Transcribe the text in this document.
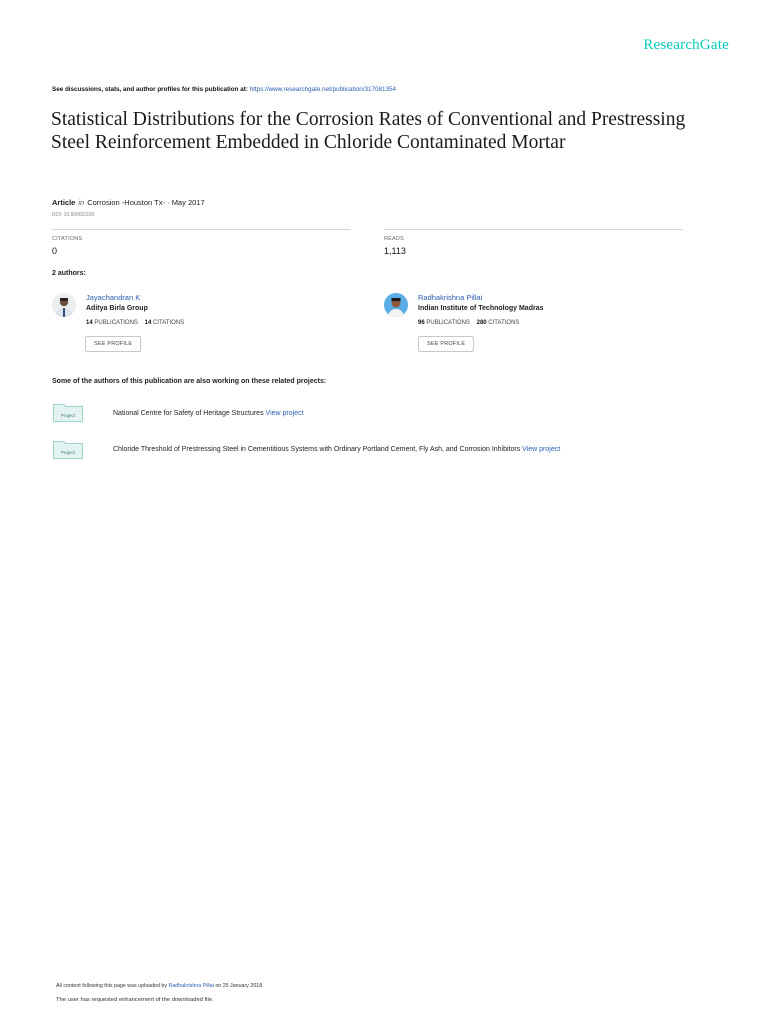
ResearchGate
See discussions, stats, and author profiles for this publication at: https://www.researchgate.net/publication/317081354
Statistical Distributions for the Corrosion Rates of Conventional and Prestressing Steel Reinforcement Embedded in Chloride Contaminated Mortar
Article in Corrosion -Houston Tx- · May 2017
DOI: 10.5006/2330
CITATIONS
0
READS
1,113
2 authors:
Jayachandran K
Aditya Birla Group
14 PUBLICATIONS 14 CITATIONS
SEE PROFILE
Radhakrishna Pillai
Indian Institute of Technology Madras
96 PUBLICATIONS 280 CITATIONS
SEE PROFILE
Some of the authors of this publication are also working on these related projects:
Project	National Centre for Safety of Heritage Structures View project
Project	Chloride Threshold of Prestressing Steel in Cementitious Systems with Ordinary Portland Cement, Fly Ash, and Corrosion Inhibitors View project
All content following this page was uploaded by Radhakrishna Pillai on 25 January 2018.
The user has requested enhancement of the downloaded file.
